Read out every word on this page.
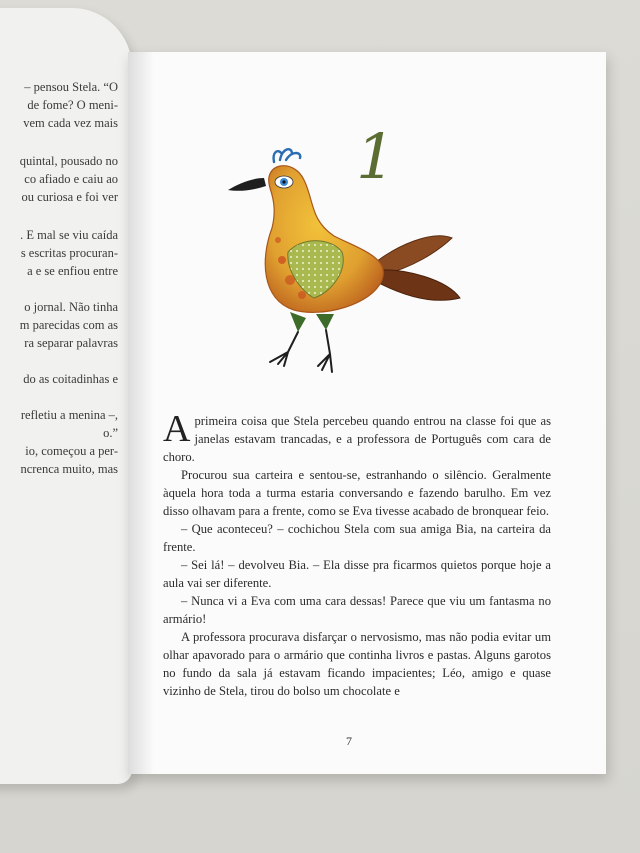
– pensou Stela. “O
de fome? O meni-
vem cada vez mais
quintal, pousado no
co afiado e caiu ao
ou curiosa e foi ver
. E mal se viu caída
s escritas procuran-
a e se enfiou entre
o jornal. Não tinha
m parecidas com as
ra separar palavras
do as coitadinhas e
refletiu a menina –,
o.”
io, começou a per-
ncrenca muito, mas
1

A primeira coisa que Stela percebeu quando entrou na classe foi que as janelas estavam trancadas, e a professora de Português com cara de choro.

Procurou sua carteira e sentou-se, estranhando o silêncio. Geralmente àquela hora toda a turma estaria conversando e fazendo barulho. Em vez disso olhavam para a frente, como se Eva tivesse acabado de bronquear feio.

– Que aconteceu? – cochichou Stela com sua amiga Bia, na carteira da frente.

– Sei lá! – devolveu Bia. – Ela disse pra ficarmos quietos porque hoje a aula vai ser diferente.

– Nunca vi a Eva com uma cara dessas! Parece que viu um fantasma no armário!

A professora procurava disfarçar o nervosismo, mas não podia evitar um olhar apavorado para o armário que continha livros e pastas. Alguns garotos no fundo da sala já estavam ficando impacientes; Léo, amigo e quase vizinho de Stela, tirou do bolso um chocolate e

7
